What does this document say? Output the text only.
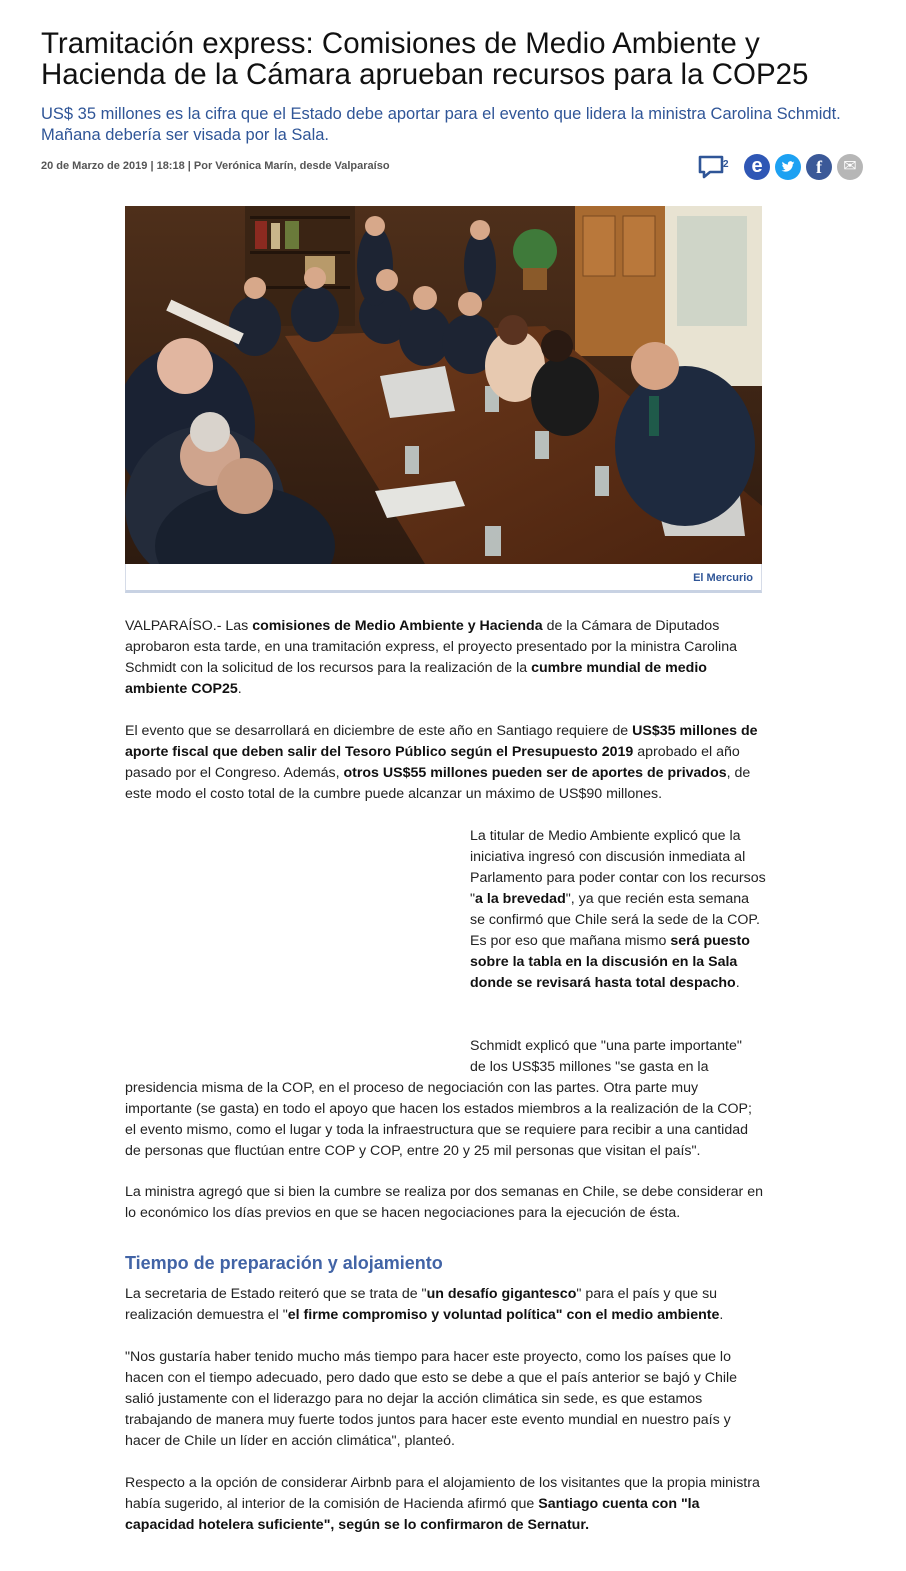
Tramitación express: Comisiones de Medio Ambiente y Hacienda de la Cámara aprueban recursos para la COP25

US$ 35 millones es la cifra que el Estado debe aportar para el evento que lidera la ministra Carolina Schmidt. Mañana debería ser visada por la Sala.

20 de Marzo de 2019 | 18:18 | Por Verónica Marín, desde Valparaíso	2	e	f	✉
El Mercurio

VALPARAÍSO.- Las comisiones de Medio Ambiente y Hacienda de la Cámara de Diputados aprobaron esta tarde, en una tramitación express, el proyecto presentado por la ministra Carolina Schmidt con la solicitud de los recursos para la realización de la cumbre mundial de medio ambiente COP25.

El evento que se desarrollará en diciembre de este año en Santiago requiere de US$35 millones de aporte fiscal que deben salir del Tesoro Público según el Presupuesto 2019 aprobado el año pasado por el Congreso. Además, otros US$55 millones pueden ser de aportes de privados, de este modo el costo total de la cumbre puede alcanzar un máximo de US$90 millones.

La titular de Medio Ambiente explicó que la iniciativa ingresó con discusión inmediata al Parlamento para poder contar con los recursos "a la brevedad", ya que recién esta semana se confirmó que Chile será la sede de la COP. Es por eso que mañana mismo será puesto sobre la tabla en la discusión en la Sala donde se revisará hasta total despacho.

Schmidt explicó que "una parte importante" de los US$35 millones "se gasta en la

presidencia misma de la COP, en el proceso de negociación con las partes. Otra parte muy importante (se gasta) en todo el apoyo que hacen los estados miembros a la realización de la COP; el evento mismo, como el lugar y toda la infraestructura que se requiere para recibir a una cantidad de personas que fluctúan entre COP y COP, entre 20 y 25 mil personas que visitan el país".

La ministra agregó que si bien la cumbre se realiza por dos semanas en Chile, se debe considerar en lo económico los días previos en que se hacen negociaciones para la ejecución de ésta.

Tiempo de preparación y alojamiento

La secretaria de Estado reiteró que se trata de "un desafío gigantesco" para el país y que su realización demuestra el "el firme compromiso y voluntad política" con el medio ambiente.

"Nos gustaría haber tenido mucho más tiempo para hacer este proyecto, como los países que lo hacen con el tiempo adecuado, pero dado que esto se debe a que el país anterior se bajó y Chile salió justamente con el liderazgo para no dejar la acción climática sin sede, es que estamos trabajando de manera muy fuerte todos juntos para hacer este evento mundial en nuestro país y hacer de Chile un líder en acción climática", planteó.

Respecto a la opción de considerar Airbnb para el alojamiento de los visitantes que la propia ministra había sugerido, al interior de la comisión de Hacienda afirmó que Santiago cuenta con "la capacidad hotelera suficiente", según se lo confirmaron de Sernatur.
